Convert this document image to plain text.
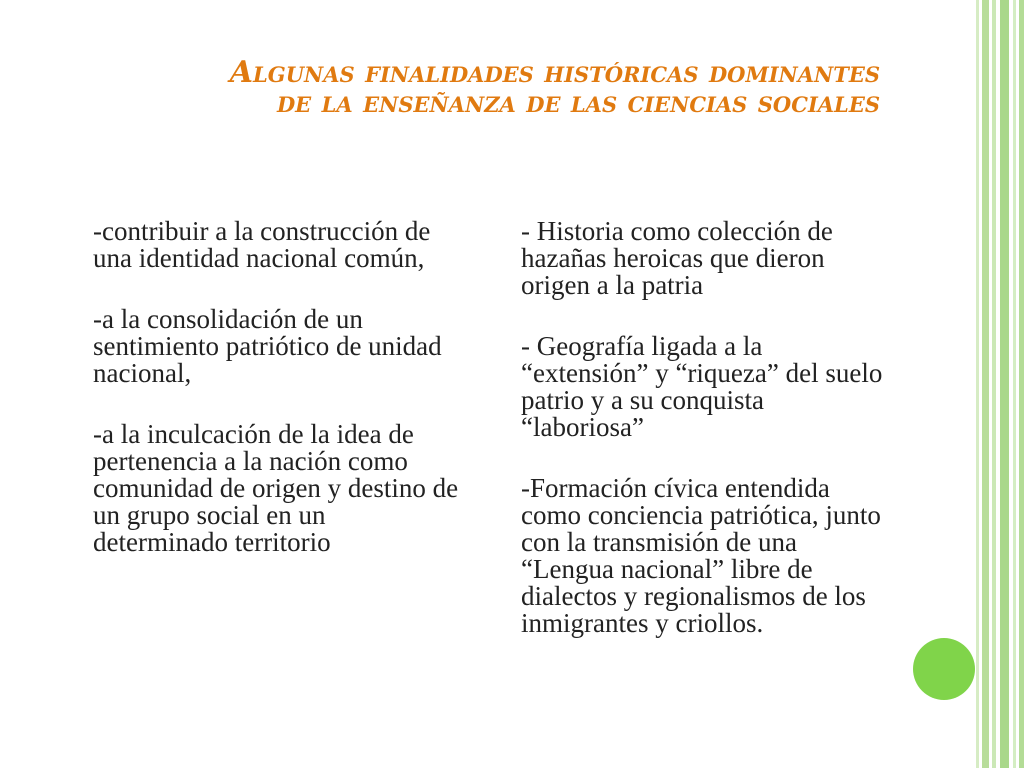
Algunas finalidades históricas dominantes
de la enseñanza de las ciencias sociales

-contribuir a la construcción de una identidad nacional común,

-a la consolidación de un sentimiento patriótico de unidad nacional,

-a la inculcación de la idea de pertenencia a la nación como comunidad de origen y destino de un grupo social en un determinado territorio

- Historia como colección de hazañas heroicas que dieron origen a la patria

- Geografía ligada a la “extensión” y “riqueza” del suelo patrio y a su conquista “laboriosa”

-Formación cívica entendida como conciencia patriótica, junto con la transmisión de una “Lengua nacional” libre de dialectos y regionalismos de los inmigrantes y criollos.
